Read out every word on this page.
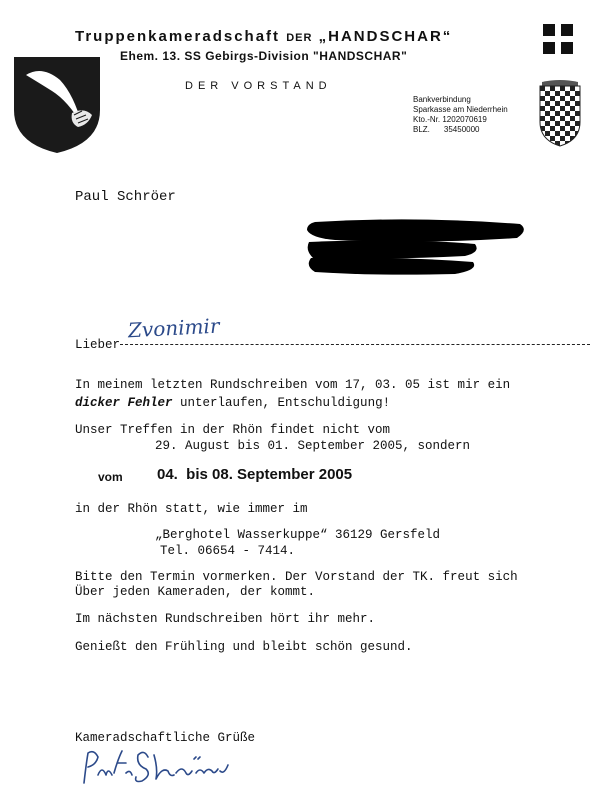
Truppenkameradschaft DER „HANDSCHAR“
Ehem. 13. SS Gebirgs-Division "HANDSCHAR"
DER VORSTAND
Bankverbindung
Sparkasse am Niederrhein
Kto.-Nr. 1202070619
BLZ. 35450000
Paul Schröer
Lieber
Zvonimir
In meinem letzten Rundschreiben vom 17, 03. 05 ist mir ein
dicker Fehler unterlaufen, Entschuldigung!
Unser Treffen in der Rhön findet nicht vom
29. August bis 01. September 2005, sondern
vom 04.  bis 08. September 2005
in der Rhön statt, wie immer im
„Berghotel Wasserkuppe“ 36129 Gersfeld
Tel. 06654 - 7414.
Bitte den Termin vormerken. Der Vorstand der TK. freut sich
Über jeden Kameraden, der kommt.
Im nächsten Rundschreiben hört ihr mehr.
Genießt den Frühling und bleibt schön gesund.
Kameradschaftliche Grüße
